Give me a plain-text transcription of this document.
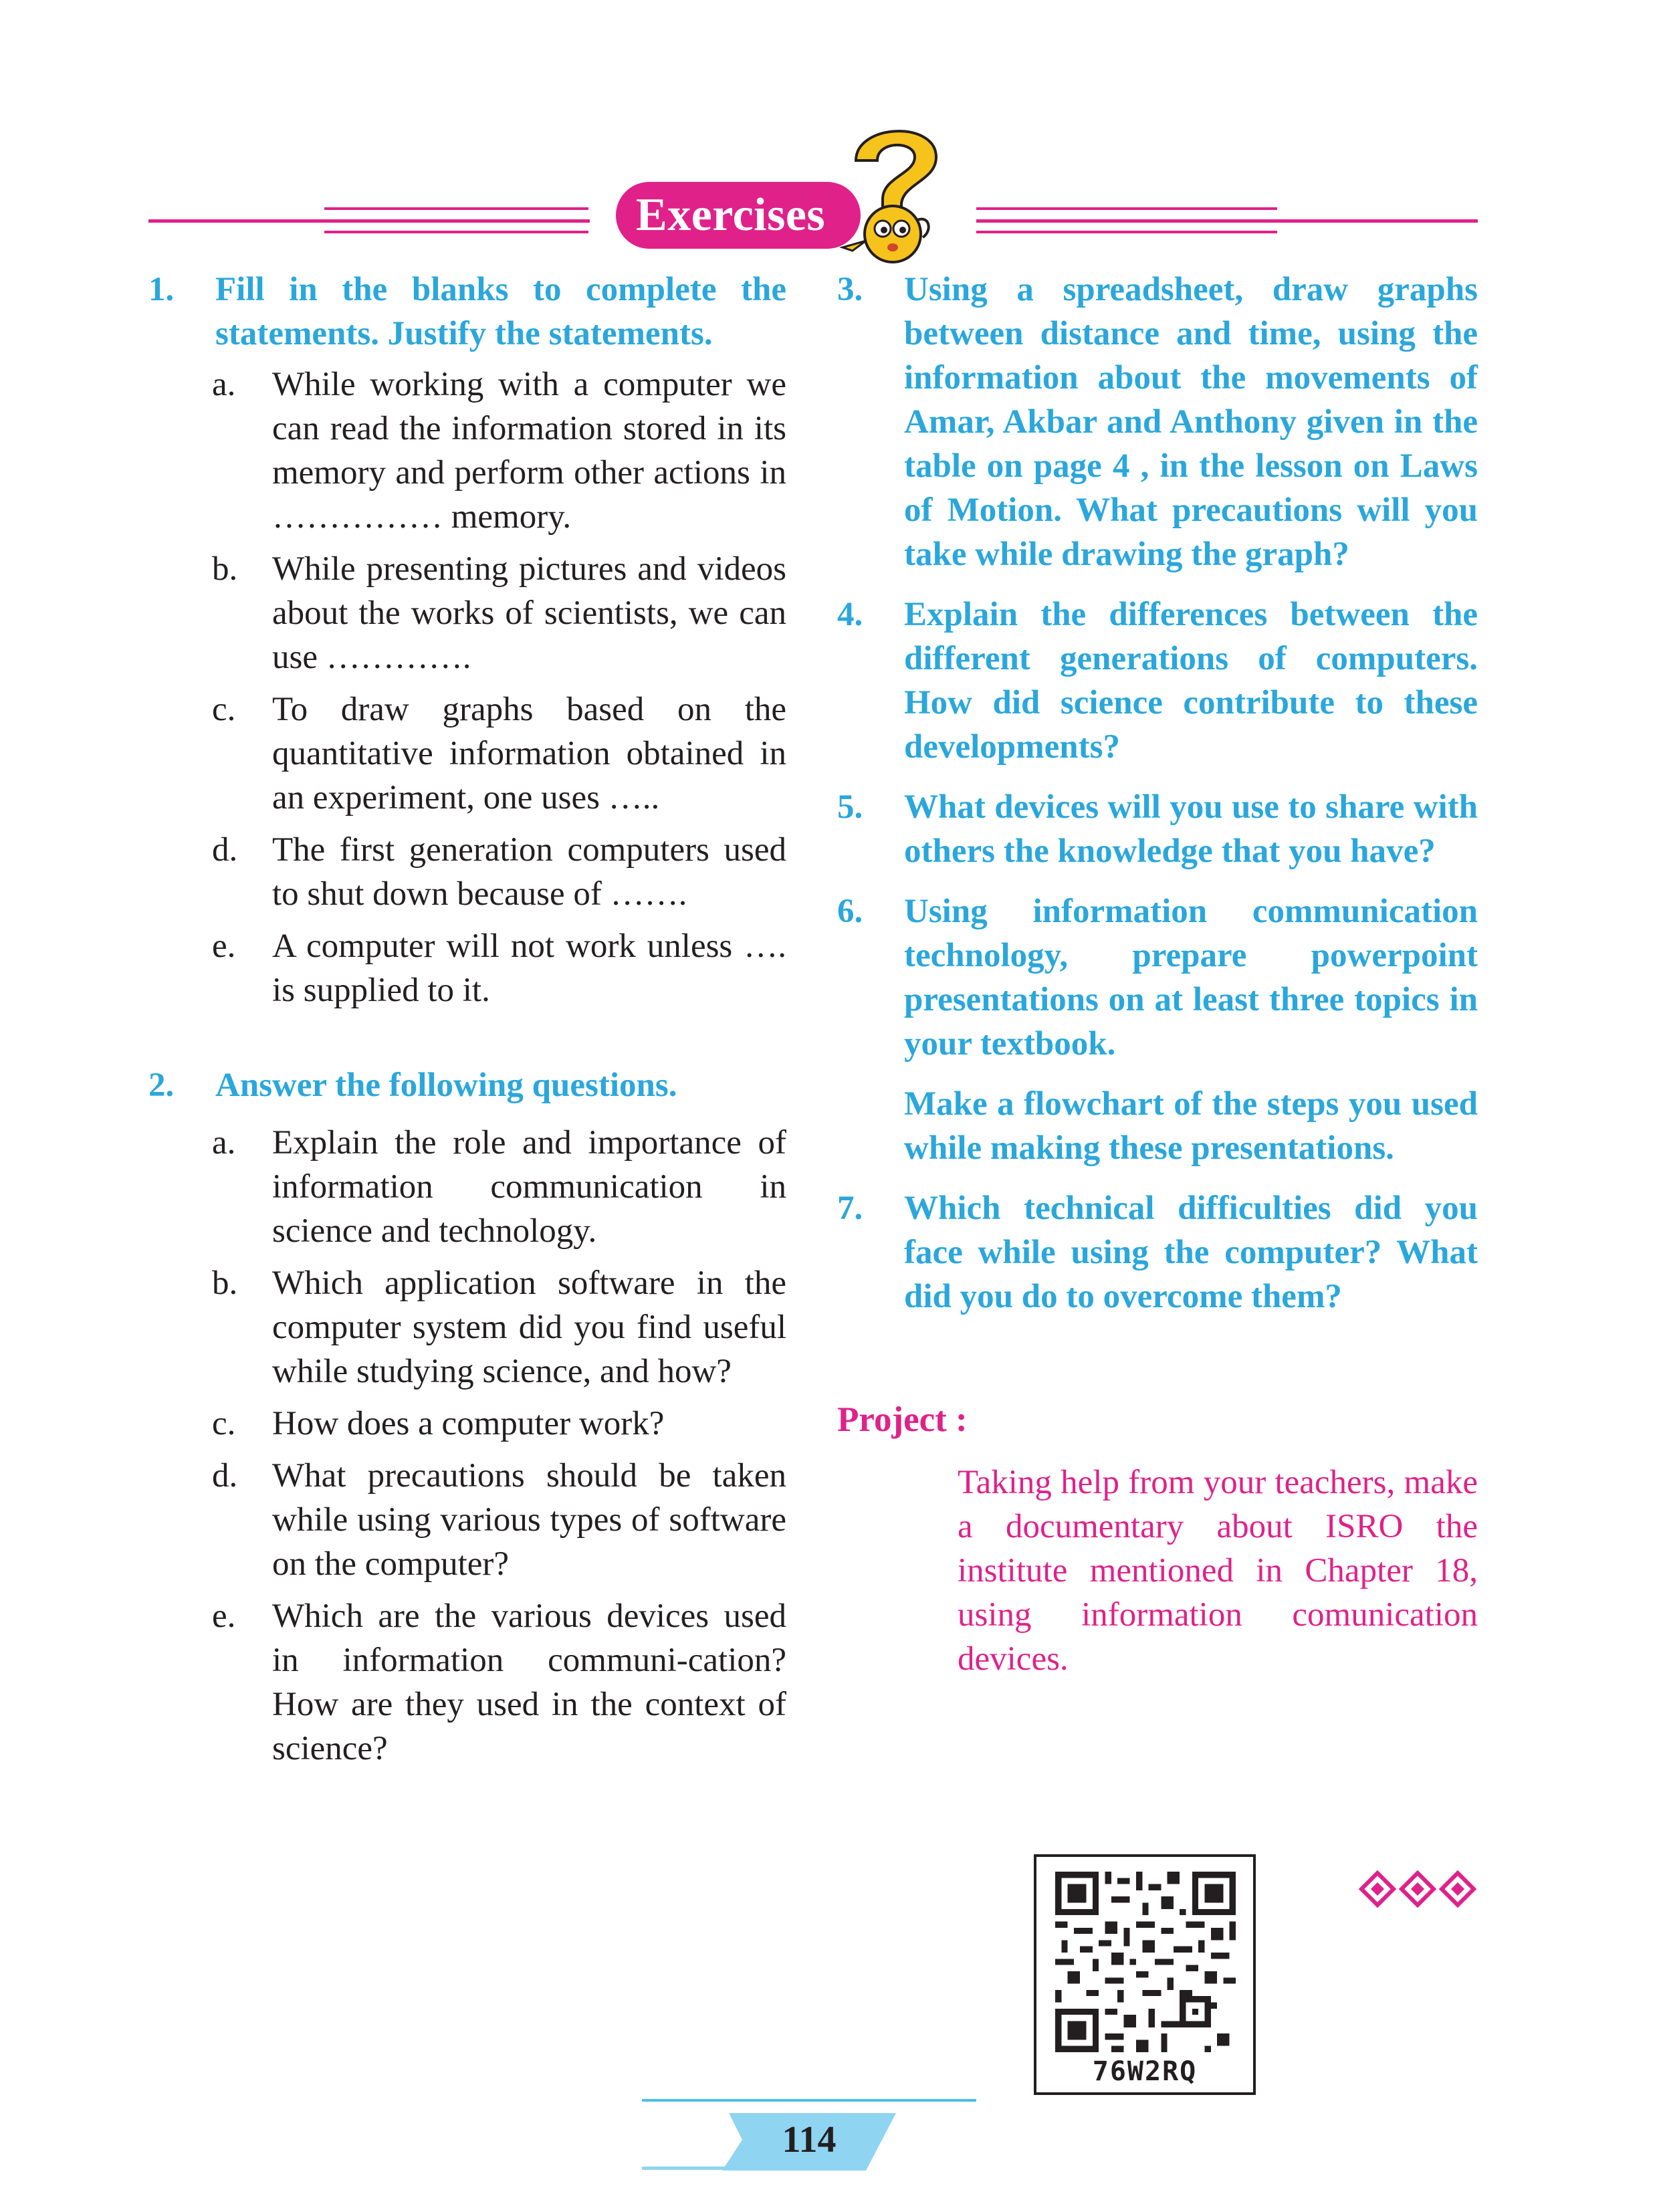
Exercises
1. Fill in the blanks to complete the statements. Justify the statements.

a. While working with a computer we can read the information stored in its memory and perform other actions in …………… memory.
b. While presenting pictures and videos about the works of scientists, we can use ………….
c. To draw graphs based on the quantitative information obtained in an experiment, one uses …..
d. The first generation computers used to shut down because of …….
e. A computer will not work unless …. is supplied to it.
2. Answer the following questions.

a. Explain the role and importance of information communication in science and technology.
b. Which application software in the computer system did you find useful while studying science, and how?
c. How does a computer work?
d. What precautions should be taken while using various types of software on the computer?
e. Which are the various devices used in information communi-cation? How are they used in the context of science?
3. Using a spreadsheet, draw graphs between distance and time, using the information about the movements of Amar, Akbar and Anthony given in the table on page 4 , in the lesson on Laws of Motion. What precautions will you take while drawing the graph?

4. Explain the differences between the different generations of computers. How did science contribute to these developments?

5. What devices will you use to share with others the knowledge that you have?

6. Using information communication technology, prepare powerpoint presentations on at least three topics in your textbook.

Make a flowchart of the steps you used while making these presentations.

7. Which technical difficulties did you face while using the computer? What did you do to overcome them?

Project :
Taking help from your teachers, make a documentary about ISRO the institute mentioned in Chapter 18, using information comunication devices.
76W2RQ
114
